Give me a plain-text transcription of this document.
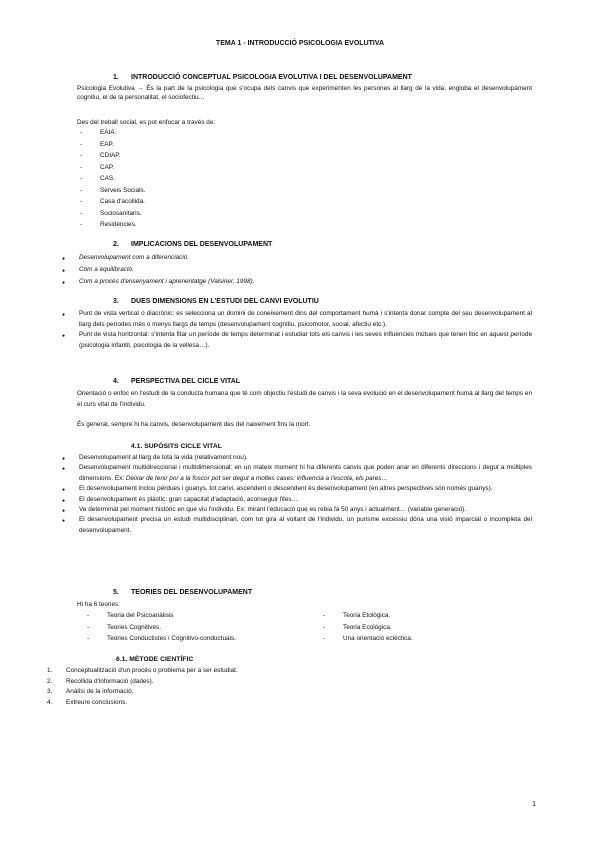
TEMA 1 - INTRODUCCIÓ PSICOLOGIA EVOLUTIVA
1. INTRODUCCIÓ CONCEPTUAL PSICOLOGIA EVOLUTIVA I DEL DESENVOLUPAMENT
Psicologia Evolutiva → És la part de la psicologia que s'ocupa dels canvis que experimenten les persones al llarg de la vida, engloba el desenvolupament cognitiu, el de la personalitat, el sociofectiu…
Des del treball social, es pot enfocar a través de:
- EAIA.
- EAP.
- CDIAP.
- CAP.
- CAS.
- Serveis Socials.
- Casa d'acollida.
- Sociosanitaris.
- Residències.
2. IMPLICACIONS DEL DESENVOLUPAMENT
● Desenvolupament com a diferenciació.
● Com a equilibració.
● Com a procés d'ensenyament i aprenentatge (Valsiner, 1998).
3. DUES DIMENSIONS EN L'ESTUDI DEL CANVI EVOLUTIU
● Punt de vista vertical o diacrònic: es selecciona un domini de coneixement dins del comportament humà i s'intenta donar compte del seu desenvolupament al llarg dels períodes més o menys llargs de temps (desenvolupament cognitiu, psicomotor, social, afectiu etc.).
● Punt de vista horitzontal: s'intenta fitar un període de temps determinat i estudiar tots els canvis i les seves influències mútues que tenen lloc en aquest període (psicologia infantil, psicologia de la vellesa…).
4. PERSPECTIVA DEL CICLE VITAL
Orientació o enfoc en l'estudi de la conducta humana que té com objectiu l'estudi de canvis i la seva evolució en el desenvolupament humà al llarg del temps en el curs vital de l'individu.
És general, sempre hi ha canvis, desenvolupament des del naixement fins la mort.
4.1. SUPÒSITS CICLE VITAL
● Desenvolupament al llarg de tota la vida (relativament nou).
● Desenvolupament multidireccional i multidimensional: en un mateix moment hi ha diferents canvis que poden anar en diferents direccions i degut a múltiples dimensions. Ex: Deixar de tenir por a la foscor pot ser degut a moltes cases: influencia a l'escola, els pares…
● El desenvolupament inclou pèrdues i guanys, tot canvi, ascendent o descendent és desenvolupament (en altres perspectives són només guanys).
● El desenvolupament és plàstic: gran capacitat d'adaptació, aconseguir fites…
● Ve determinat pel moment històric en que viu l'individu. Ex: mirant l'educació que es rebia fa 50 anys i actualment… (variable generació).
● El desenvolupament precisa un estudi multidisciplinari, com tot gira al voltant de l'individu, un purisme excessiu dóna una visió imparcial o incompleta del desenvolupament.
5. TEORIES DEL DESENVOLUPAMENT
Hi ha 6 teories:
- Teoria del Psicoanàlisis
- Teories Cognitives.
- Teories Conductistes i Cognitivo-conductuals.
- Teoria Etològica.
- Teoria Ecològica.
- Una orientació eclèctica.
6.1. MÈTODE CIENTÍFIC
1. Conceptualització d'un procés o problema per a ser estudiat.
2. Recollida d'informació (dades).
3. Anàlisi de la informació.
4. Extreure conclusions.
1
